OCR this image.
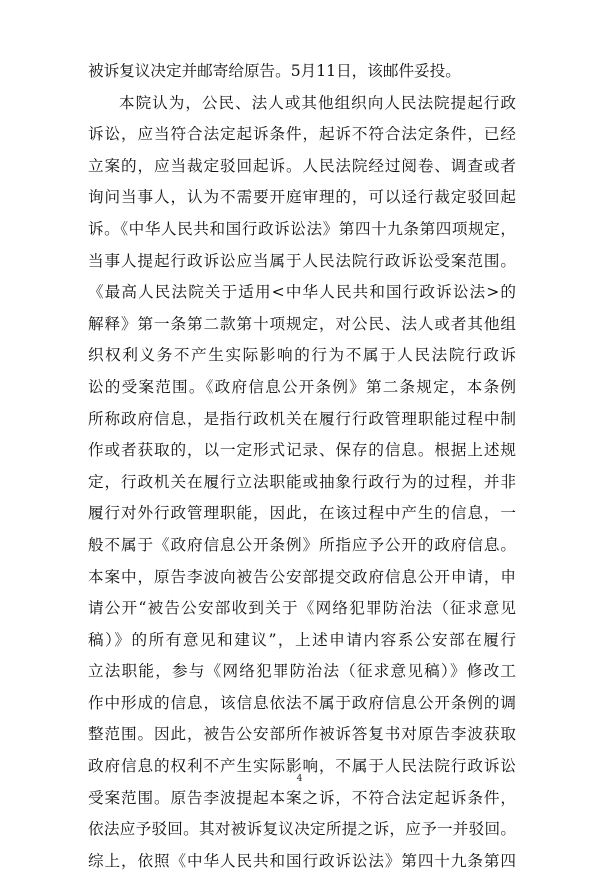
被诉复议决定并邮寄给原告。5月11日，该邮件妥投。
本院认为，公民、法人或其他组织向人民法院提起行政
诉讼，应当符合法定起诉条件，起诉不符合法定条件，已经
立案的，应当裁定驳回起诉。人民法院经过阅卷、调查或者
询问当事人，认为不需要开庭审理的，可以迳行裁定驳回起
诉。《中华人民共和国行政诉讼法》第四十九条第四项规定，
当事人提起行政诉讼应当属于人民法院行政诉讼受案范围。
《最高人民法院关于适用<中华人民共和国行政诉讼法>的
解释》第一条第二款第十项规定，对公民、法人或者其他组
织权利义务不产生实际影响的行为不属于人民法院行政诉
讼的受案范围。《政府信息公开条例》第二条规定，本条例
所称政府信息，是指行政机关在履行行政管理职能过程中制
作或者获取的，以一定形式记录、保存的信息。根据上述规
定，行政机关在履行立法职能或抽象行政行为的过程，并非
履行对外行政管理职能，因此，在该过程中产生的信息，一
般不属于《政府信息公开条例》所指应予公开的政府信息。
本案中，原告李波向被告公安部提交政府信息公开申请，申
请公开“被告公安部收到关于《网络犯罪防治法（征求意见
稿）》的所有意见和建议”，上述申请内容系公安部在履行
立法职能，参与《网络犯罪防治法（征求意见稿）》修改工
作中形成的信息，该信息依法不属于政府信息公开条例的调
整范围。因此，被告公安部所作被诉答复书对原告李波获取
政府信息的权利不产生实际影响，不属于人民法院行政诉讼
受案范围。原告李波提起本案之诉，不符合法定起诉条件，
依法应予驳回。其对被诉复议决定所提之诉，应予一并驳回。
综上，依照《中华人民共和国行政诉讼法》第四十九条第四
4
